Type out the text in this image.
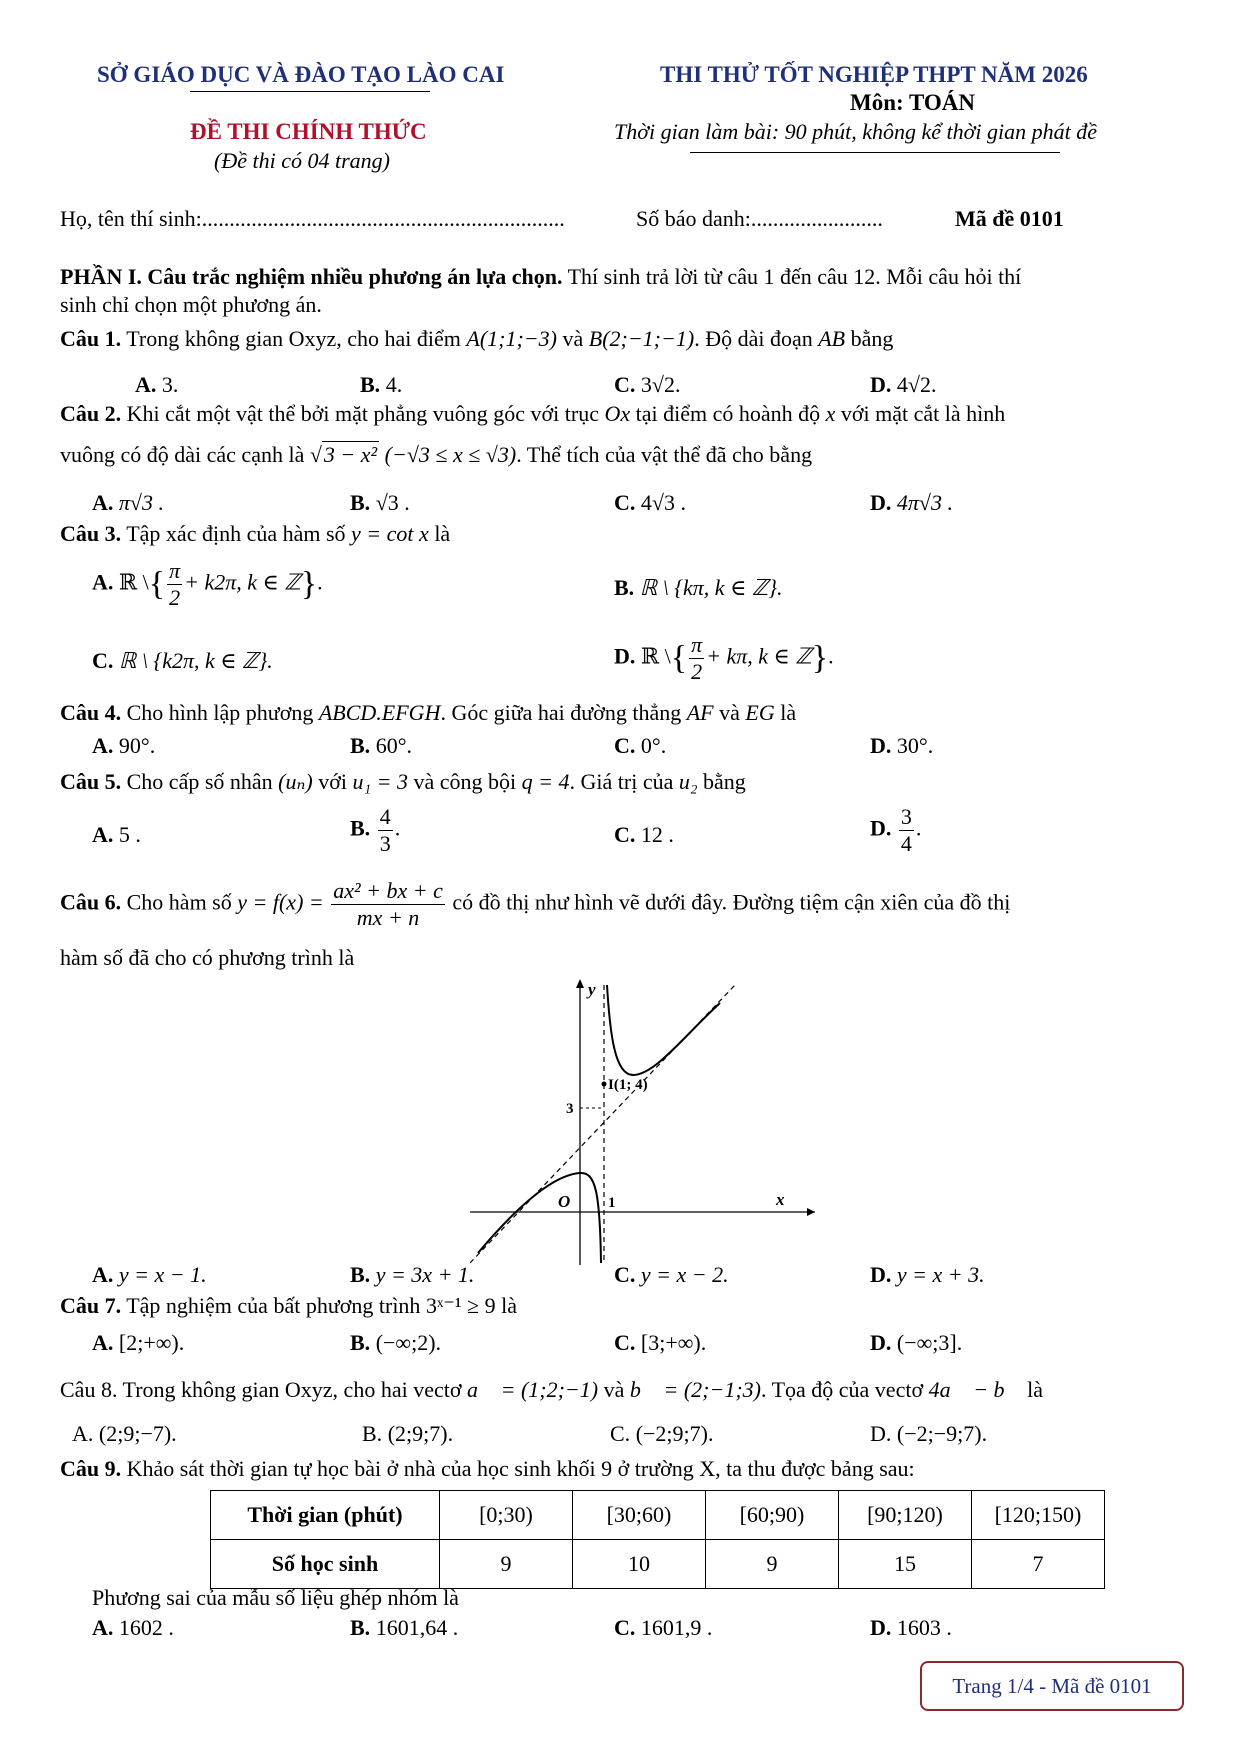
SỞ GIÁO DỤC VÀ ĐÀO TẠO LÀO CAI
ĐỀ THI CHÍNH THỨC
(Đề thi có 04 trang)
THI THỬ TỐT NGHIỆP THPT NĂM 2026
Môn: TOÁN
Thời gian làm bài: 90 phút, không kể thời gian phát đề
Họ, tên thí sinh:..................................................................	Số báo danh:........................	Mã đề 0101
PHẦN I. Câu trắc nghiệm nhiều phương án lựa chọn. Thí sinh trả lời từ câu 1 đến câu 12. Mỗi câu hỏi thí
sinh chỉ chọn một phương án.
Câu 1. Trong không gian Oxyz, cho hai điểm A(1;1;−3) và B(2;−1;−1). Độ dài đoạn AB bằng
A. 3.	B. 4.	C. 3√2.	D. 4√2.
Câu 2. Khi cắt một vật thể bởi mặt phẳng vuông góc với trục Ox tại điểm có hoành độ x với mặt cắt là hình
vuông có độ dài các cạnh là √3 − x² (−√3 ≤ x ≤ √3). Thể tích của vật thể đã cho bằng
A. π√3 .	B. √3 .	C. 4√3 .	D. 4π√3 .
Câu 3. Tập xác định của hàm số y = cot x là
A. ℝ \{ $\frac{\pi}{2} + k2\pi$, k ∈ ℤ}.	B. ℝ \ {kπ, k ∈ ℤ}.
C. ℝ \ {k2π, k ∈ ℤ}.	D. ℝ \{ $\frac{\pi}{2} + k\pi$, k ∈ ℤ}.
Câu 4. Cho hình lập phương ABCD.EFGH. Góc giữa hai đường thẳng AF và EG là
A. 90°.	B. 60°.	C. 0°.	D. 30°.
Câu 5. Cho cấp số nhân (uₙ) với u₁ = 3 và công bội q = 4. Giá trị của u₂ bằng
A. 5 .	B. $\frac{4}{3}$ .	C. 12 .	D. $\frac{3}{4}$ .
Câu 6. Cho hàm số $y = f(x) = \frac{\text{ax² + bx + c}}{mx + n}$ có đồ thị như hình vẽ dưới đây. Đường tiệm cận xiên của đồ thị
hàm số đã cho có phương trình là
y
x
O	1
3
I(1; 4)
A. y = x − 1.	B. y = 3x + 1.	C. y = x − 2.	D. y = x + 3.
Câu 7. Tập nghiệm của bất phương trình 3ˣ⁻¹ ≥ 9 là
A. [2;+∞).	B. (−∞;2).	C. [3;+∞).	D. (−∞;3].
Câu 8. Trong không gian Oxyz, cho hai vectơ a⃗ = (1;2;−1) và b⃗ = (2;−1;3). Tọa độ của vectơ 4a⃗ − b⃗ là
A. (2;9;−7).	B. (2;9;7).	C. (−2;9;7).	D. (−2;−9;7).
Câu 9. Khảo sát thời gian tự học bài ở nhà của học sinh khối 9 ở trường X, ta thu được bảng sau:
Thời gian (phút)	[0;30)	[30;60)	[60;90)	[90;120)	[120;150)
Số học sinh	9	10	9	15	7
Phương sai của mẫu số liệu ghép nhóm là
A. 1602 .	B. 1601,64 .	C. 1601,9 .	D. 1603 .
Trang 1/4 - Mã đề 0101
